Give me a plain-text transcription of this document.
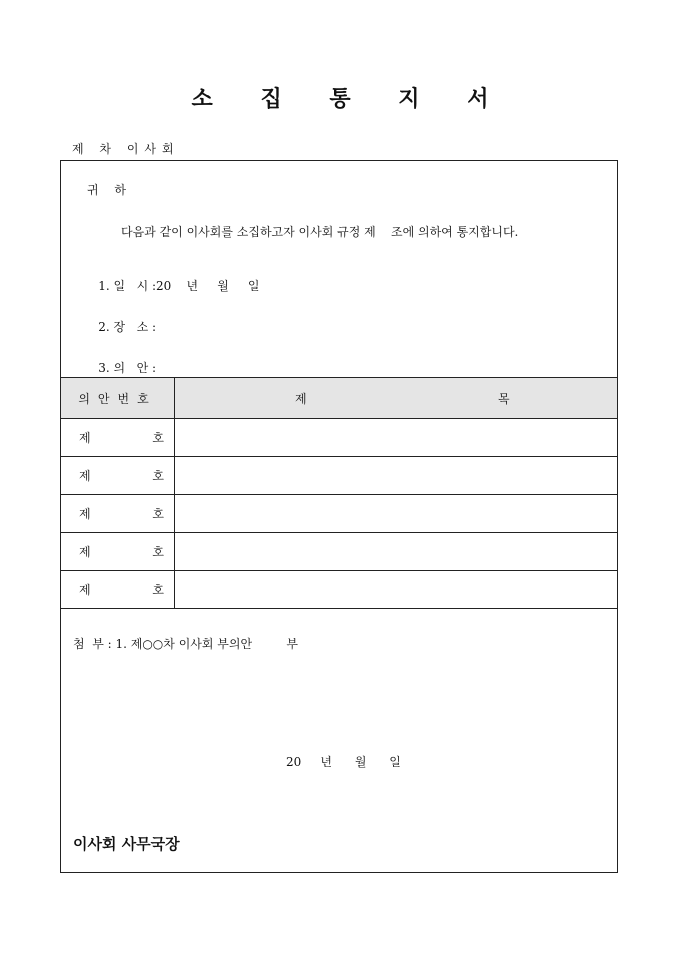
소 집 통 지 서
제 차 이사회
귀 하
다음과 같이 이사회를 소집하고자 이사회 규정 제    조에 의하여 통지합니다.

1. 일   시 :20    년     월     일

2. 장   소 :

3. 의   안 :

의안번호	제 목

제 호	

제 호	

제 호	

제 호	

제 호	

첨  부 : 1. 제○○차 이사회 부의안         부
20     년      월      일
이사회 사무국장
